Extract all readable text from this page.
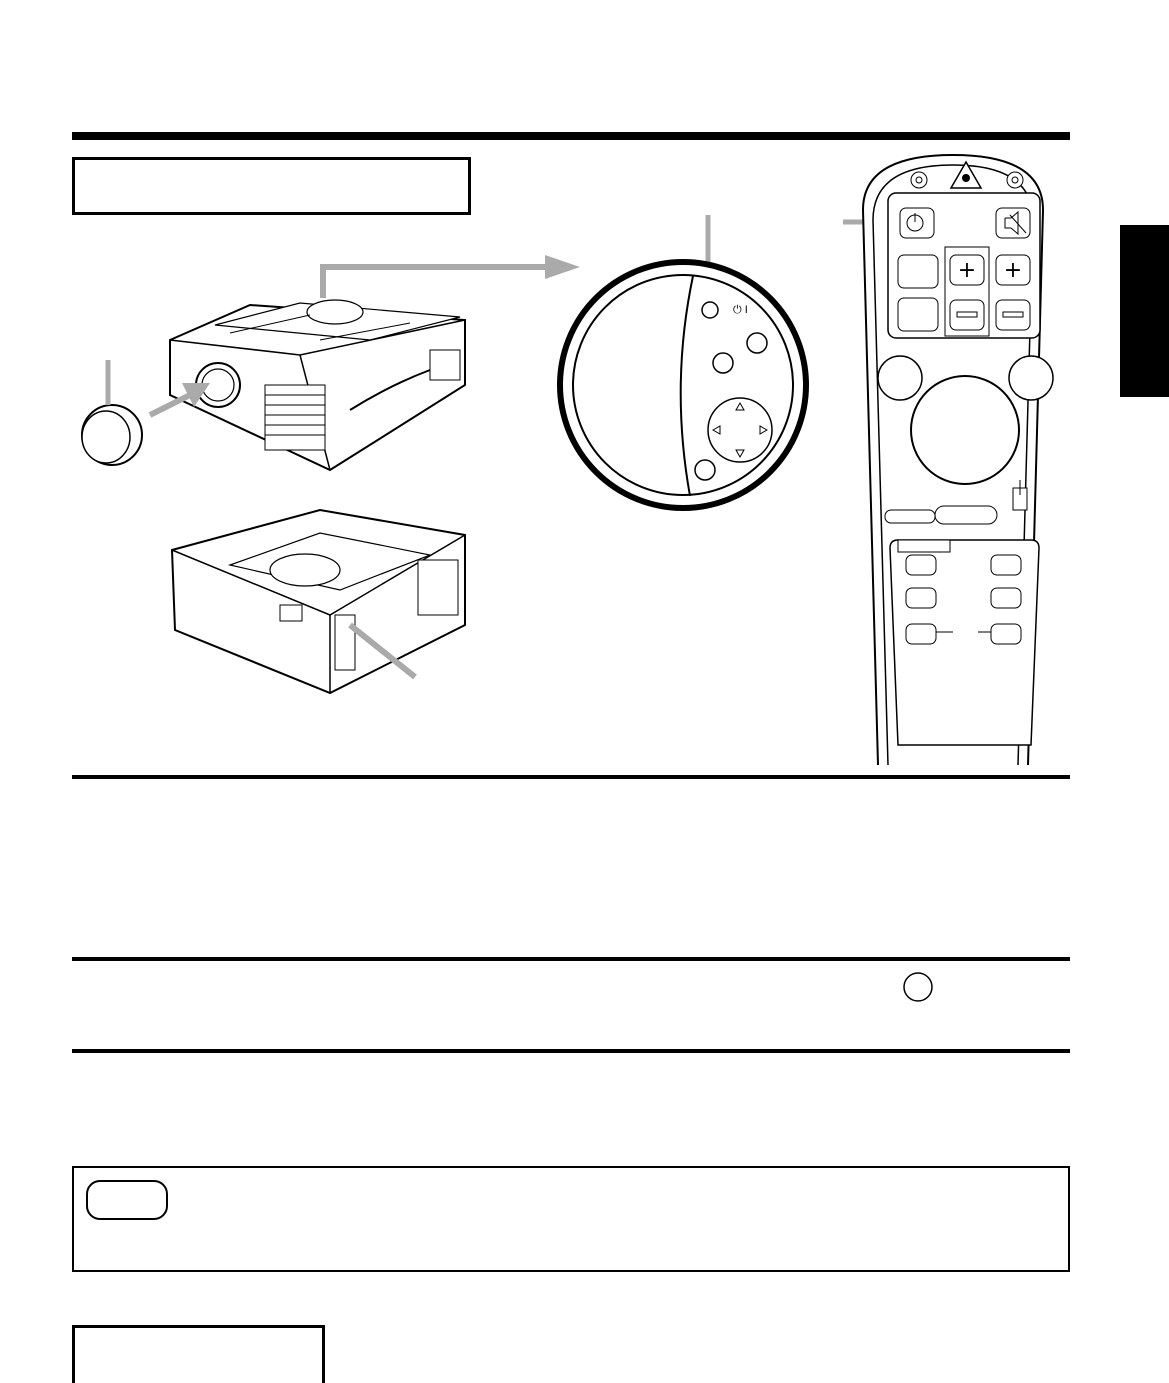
⏻ I
+ +
